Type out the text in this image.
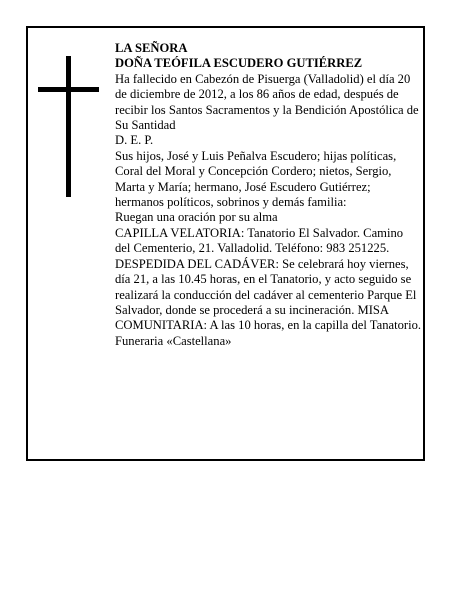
LA SEÑORA

DOÑA TEÓFILA ESCUDERO GUTIÉRREZ

Ha fallecido en Cabezón de Pisuerga (Valladolid) el día 20 de diciembre de 2012, a los 86 años de edad, después de recibir los Santos Sacramentos y la Bendición Apostólica de Su Santidad

D. E. P.

Sus hijos, José y Luis Peñalva Escudero; hijas políticas, Coral del Moral y Concepción Cordero; nietos, Sergio, Marta y María; hermano, José Escudero Gutiérrez; hermanos políticos, sobrinos y demás familia:

Ruegan una oración por su alma

CAPILLA VELATORIA: Tanatorio El Salvador. Camino del Cementerio, 21. Valladolid. Teléfono: 983 251225.

DESPEDIDA DEL CADÁVER: Se celebrará hoy viernes, día 21, a las 10.45 horas, en el Tanatorio, y acto seguido se realizará la conducción del cadáver al cementerio Parque El Salvador, donde se procederá a su incineración. MISA COMUNITARIA: A las 10 horas, en la capilla del Tanatorio.

Funeraria «Castellana»
